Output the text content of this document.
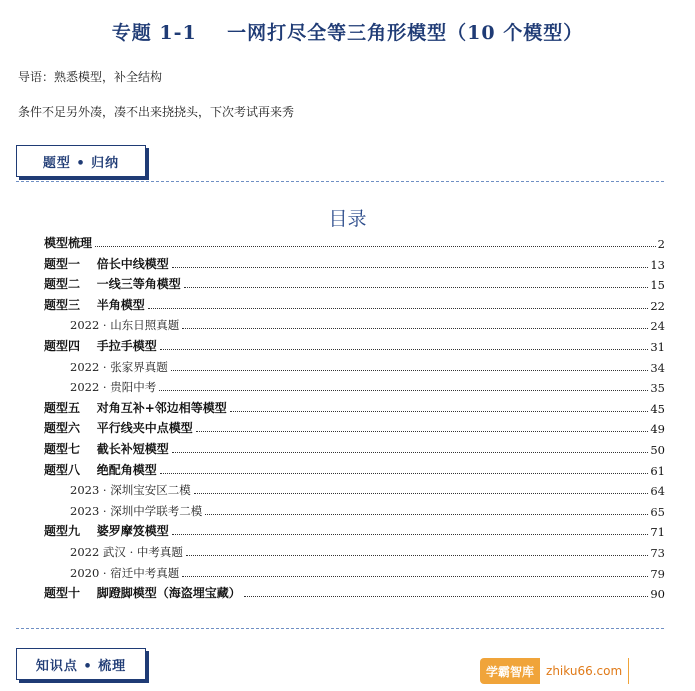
专题 1-1    一网打尽全等三角形模型（10 个模型）
导语：熟悉模型，补全结构
条件不足另外凑，凑不出来挠挠头，下次考试再来秀
题型 • 归纳
目录
模型梳理	2
题型一    倍长中线模型	13
题型二    一线三等角模型	15
题型三    半角模型	22
2022 · 山东日照真题	24
题型四    手拉手模型	31
2022 · 张家界真题	34
2022 · 贵阳中考	35
题型五    对角互补+邻边相等模型	45
题型六    平行线夹中点模型	49
题型七    截长补短模型	50
题型八    绝配角模型	61
2023 · 深圳宝安区二模	64
2023 · 深圳中学联考二模	65
题型九    婆罗摩笈模型	71
2022 武汉 · 中考真题	73
2020 · 宿迁中考真题	79
题型十    脚蹬脚模型（海盗埋宝藏）	90
知识点 • 梳理	学霸智库	zhiku66.com
